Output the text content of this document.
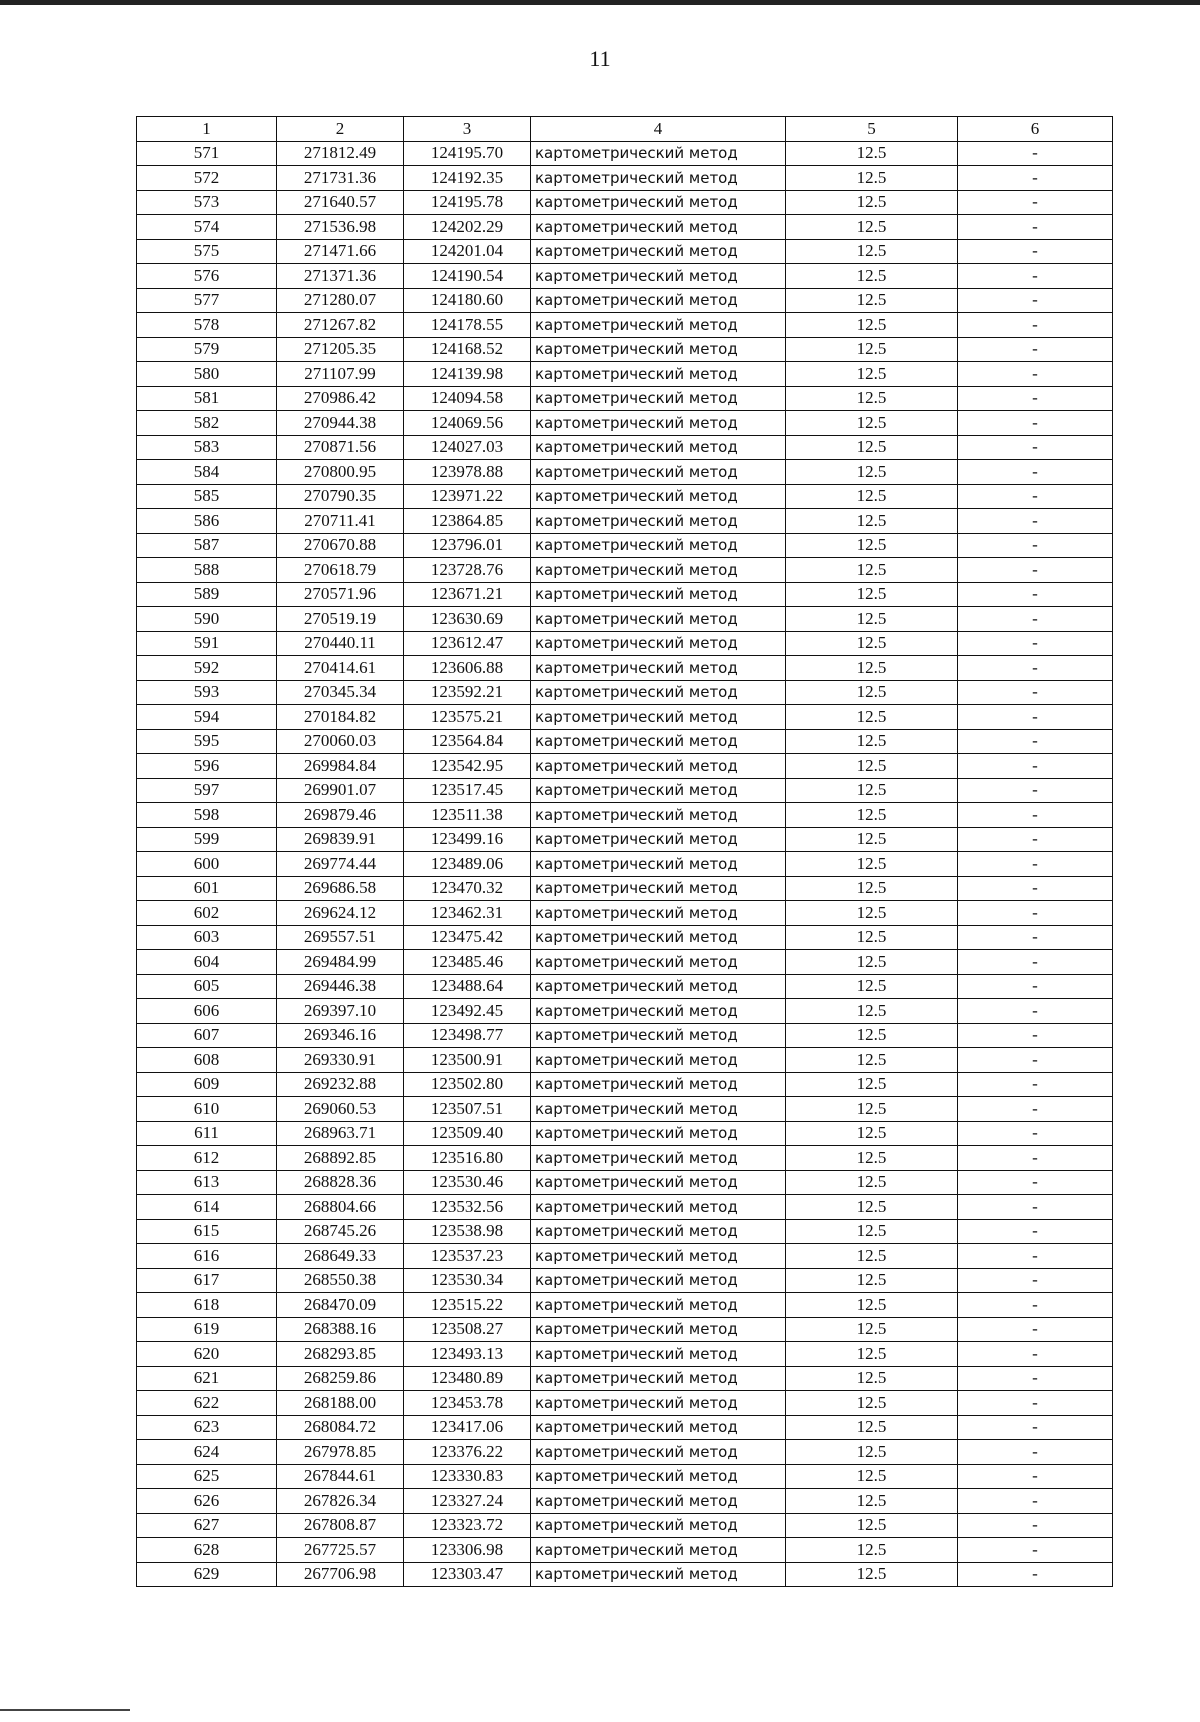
11
1	2	3	4	5	6
571	271812.49	124195.70	картометрический метод	12.5	-
572	271731.36	124192.35	картометрический метод	12.5	-
573	271640.57	124195.78	картометрический метод	12.5	-
574	271536.98	124202.29	картометрический метод	12.5	-
575	271471.66	124201.04	картометрический метод	12.5	-
576	271371.36	124190.54	картометрический метод	12.5	-
577	271280.07	124180.60	картометрический метод	12.5	-
578	271267.82	124178.55	картометрический метод	12.5	-
579	271205.35	124168.52	картометрический метод	12.5	-
580	271107.99	124139.98	картометрический метод	12.5	-
581	270986.42	124094.58	картометрический метод	12.5	-
582	270944.38	124069.56	картометрический метод	12.5	-
583	270871.56	124027.03	картометрический метод	12.5	-
584	270800.95	123978.88	картометрический метод	12.5	-
585	270790.35	123971.22	картометрический метод	12.5	-
586	270711.41	123864.85	картометрический метод	12.5	-
587	270670.88	123796.01	картометрический метод	12.5	-
588	270618.79	123728.76	картометрический метод	12.5	-
589	270571.96	123671.21	картометрический метод	12.5	-
590	270519.19	123630.69	картометрический метод	12.5	-
591	270440.11	123612.47	картометрический метод	12.5	-
592	270414.61	123606.88	картометрический метод	12.5	-
593	270345.34	123592.21	картометрический метод	12.5	-
594	270184.82	123575.21	картометрический метод	12.5	-
595	270060.03	123564.84	картометрический метод	12.5	-
596	269984.84	123542.95	картометрический метод	12.5	-
597	269901.07	123517.45	картометрический метод	12.5	-
598	269879.46	123511.38	картометрический метод	12.5	-
599	269839.91	123499.16	картометрический метод	12.5	-
600	269774.44	123489.06	картометрический метод	12.5	-
601	269686.58	123470.32	картометрический метод	12.5	-
602	269624.12	123462.31	картометрический метод	12.5	-
603	269557.51	123475.42	картометрический метод	12.5	-
604	269484.99	123485.46	картометрический метод	12.5	-
605	269446.38	123488.64	картометрический метод	12.5	-
606	269397.10	123492.45	картометрический метод	12.5	-
607	269346.16	123498.77	картометрический метод	12.5	-
608	269330.91	123500.91	картометрический метод	12.5	-
609	269232.88	123502.80	картометрический метод	12.5	-
610	269060.53	123507.51	картометрический метод	12.5	-
611	268963.71	123509.40	картометрический метод	12.5	-
612	268892.85	123516.80	картометрический метод	12.5	-
613	268828.36	123530.46	картометрический метод	12.5	-
614	268804.66	123532.56	картометрический метод	12.5	-
615	268745.26	123538.98	картометрический метод	12.5	-
616	268649.33	123537.23	картометрический метод	12.5	-
617	268550.38	123530.34	картометрический метод	12.5	-
618	268470.09	123515.22	картометрический метод	12.5	-
619	268388.16	123508.27	картометрический метод	12.5	-
620	268293.85	123493.13	картометрический метод	12.5	-
621	268259.86	123480.89	картометрический метод	12.5	-
622	268188.00	123453.78	картометрический метод	12.5	-
623	268084.72	123417.06	картометрический метод	12.5	-
624	267978.85	123376.22	картометрический метод	12.5	-
625	267844.61	123330.83	картометрический метод	12.5	-
626	267826.34	123327.24	картометрический метод	12.5	-
627	267808.87	123323.72	картометрический метод	12.5	-
628	267725.57	123306.98	картометрический метод	12.5	-
629	267706.98	123303.47	картометрический метод	12.5	-
